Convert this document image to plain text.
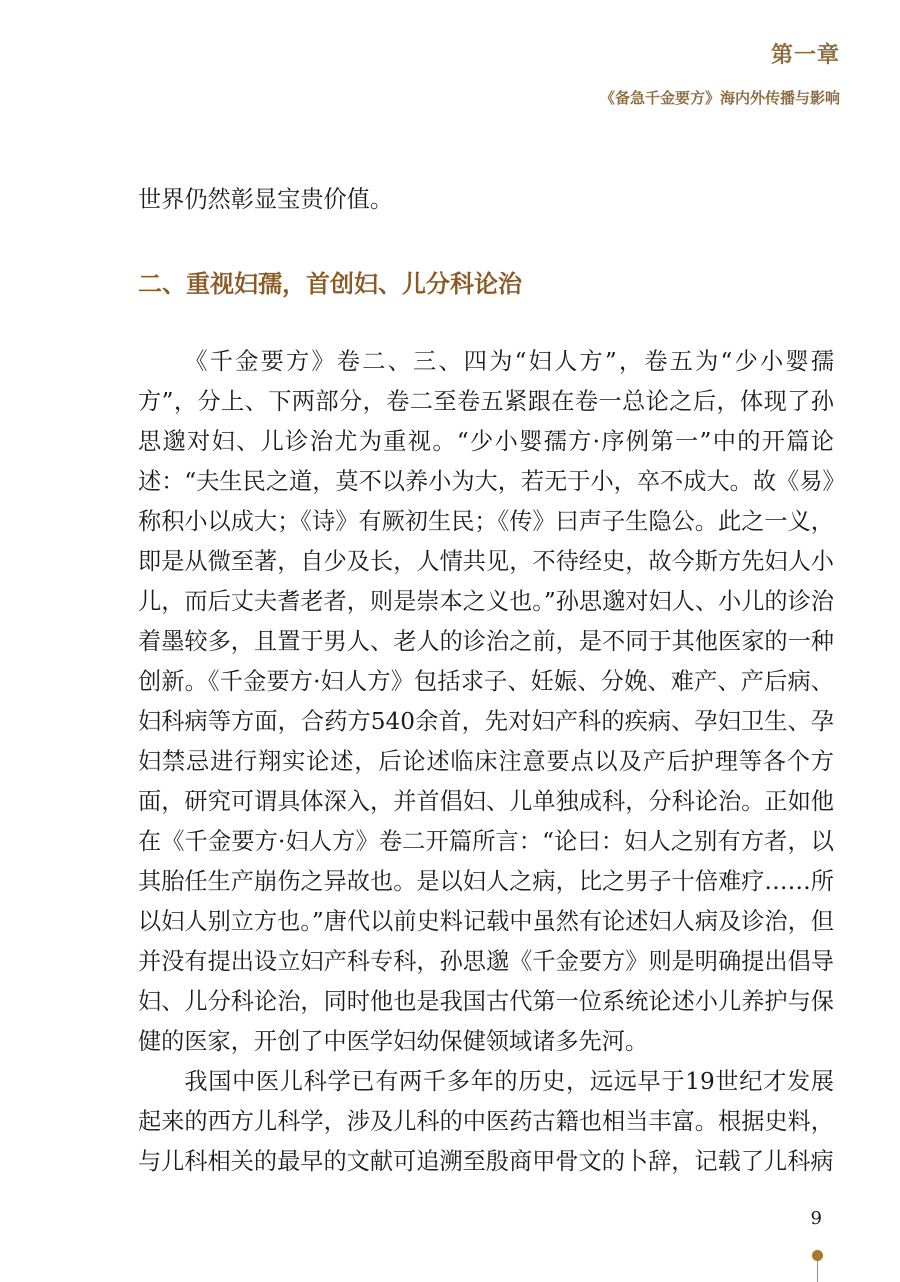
第一章
《备急千金要方》海内外传播与影响

世界仍然彰显宝贵价值。

二、重视妇孺，首创妇、儿分科论治

《千金要方》卷二、三、四为“妇人方”，卷五为“少小婴孺方”，分上、下两部分，卷二至卷五紧跟在卷一总论之后，体现了孙思邈对妇、儿诊治尤为重视。“少小婴孺方·序例第一”中的开篇论述：“夫生民之道，莫不以养小为大，若无于小，卒不成大。故《易》称积小以成大；《诗》有厥初生民；《传》曰声子生隐公。此之一义，即是从微至著，自少及长，人情共见，不待经史，故今斯方先妇人小儿，而后丈夫耆老者，则是崇本之义也。”孙思邈对妇人、小儿的诊治着墨较多，且置于男人、老人的诊治之前，是不同于其他医家的一种创新。《千金要方·妇人方》包括求子、妊娠、分娩、难产、产后病、妇科病等方面，合药方540余首，先对妇产科的疾病、孕妇卫生、孕妇禁忌进行翔实论述，后论述临床注意要点以及产后护理等各个方面，研究可谓具体深入，并首倡妇、儿单独成科，分科论治。正如他在《千金要方·妇人方》卷二开篇所言：“论曰：妇人之别有方者，以其胎任生产崩伤之异故也。是以妇人之病，比之男子十倍难疗……所以妇人别立方也。”唐代以前史料记载中虽然有论述妇人病及诊治，但并没有提出设立妇产科专科，孙思邈《千金要方》则是明确提出倡导妇、儿分科论治，同时他也是我国古代第一位系统论述小儿养护与保健的医家，开创了中医学妇幼保健领域诸多先河。

我国中医儿科学已有两千多年的历史，远远早于19世纪才发展起来的西方儿科学，涉及儿科的中医药古籍也相当丰富。根据史料，与儿科相关的最早的文献可追溯至殷商甲骨文的卜辞，记载了儿科病

9
